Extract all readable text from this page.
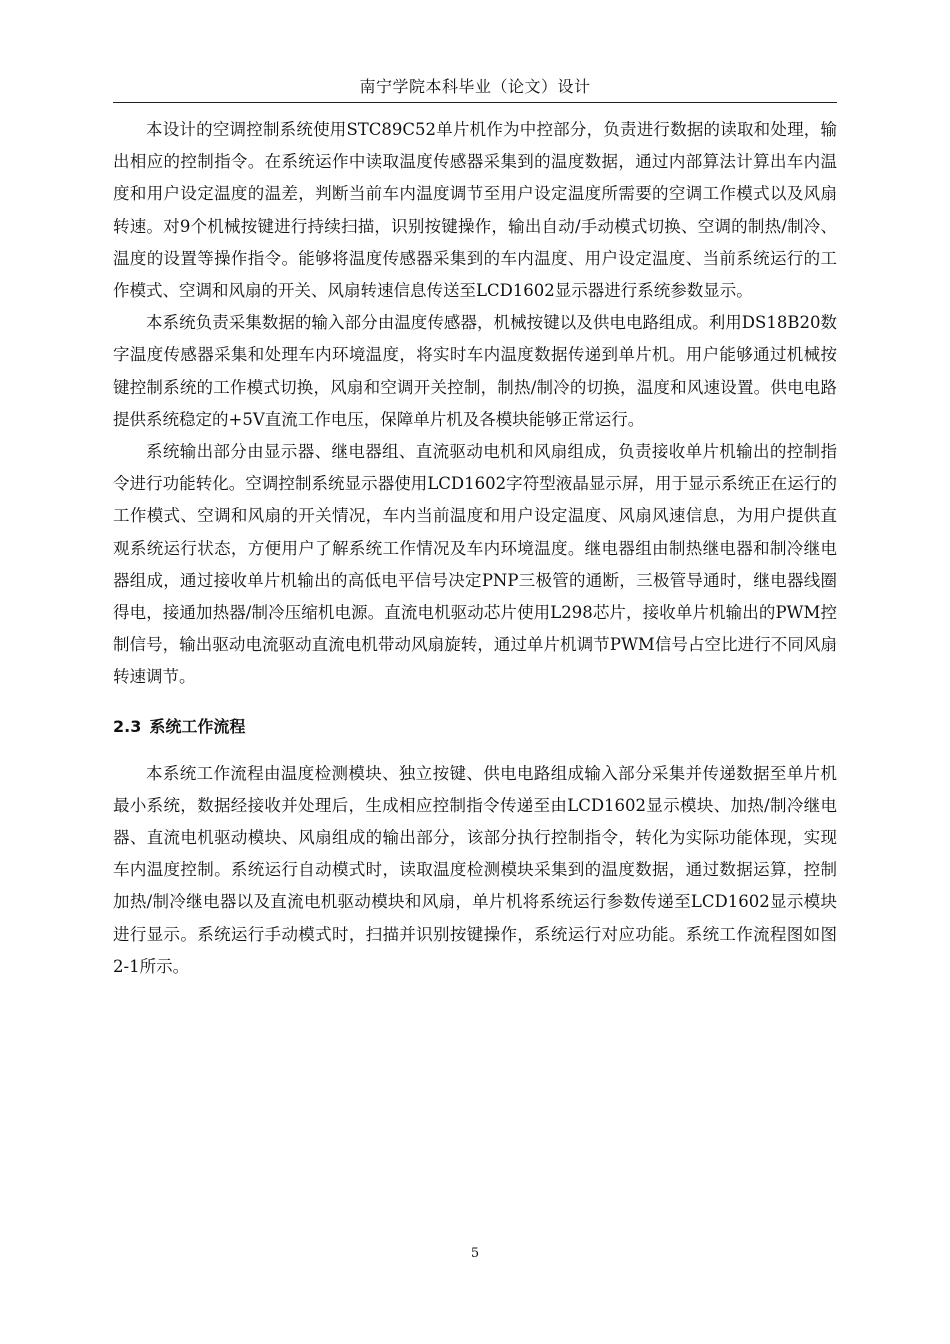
南宁学院本科毕业（论文）设计

本设计的空调控制系统使用STC89C52单片机作为中控部分，负责进行数据的读取和处理，输出相应的控制指令。在系统运作中读取温度传感器采集到的温度数据，通过内部算法计算出车内温度和用户设定温度的温差，判断当前车内温度调节至用户设定温度所需要的空调工作模式以及风扇转速。对9个机械按键进行持续扫描，识别按键操作，输出自动/手动模式切换、空调的制热/制冷、温度的设置等操作指令。能够将温度传感器采集到的车内温度、用户设定温度、当前系统运行的工作模式、空调和风扇的开关、风扇转速信息传送至LCD1602显示器进行系统参数显示。

本系统负责采集数据的输入部分由温度传感器，机械按键以及供电电路组成。利用DS18B20数字温度传感器采集和处理车内环境温度，将实时车内温度数据传递到单片机。用户能够通过机械按键控制系统的工作模式切换，风扇和空调开关控制，制热/制冷的切换，温度和风速设置。供电电路提供系统稳定的+5V直流工作电压，保障单片机及各模块能够正常运行。

系统输出部分由显示器、继电器组、直流驱动电机和风扇组成，负责接收单片机输出的控制指令进行功能转化。空调控制系统显示器使用LCD1602字符型液晶显示屏，用于显示系统正在运行的工作模式、空调和风扇的开关情况，车内当前温度和用户设定温度、风扇风速信息，为用户提供直观系统运行状态，方便用户了解系统工作情况及车内环境温度。继电器组由制热继电器和制冷继电器组成，通过接收单片机输出的高低电平信号决定PNP三极管的通断，三极管导通时，继电器线圈得电，接通加热器/制冷压缩机电源。直流电机驱动芯片使用L298芯片，接收单片机输出的PWM控制信号，输出驱动电流驱动直流电机带动风扇旋转，通过单片机调节PWM信号占空比进行不同风扇转速调节。

2.3 系统工作流程

本系统工作流程由温度检测模块、独立按键、供电电路组成输入部分采集并传递数据至单片机最小系统，数据经接收并处理后，生成相应控制指令传递至由LCD1602显示模块、加热/制冷继电器、直流电机驱动模块、风扇组成的输出部分，该部分执行控制指令，转化为实际功能体现，实现车内温度控制。系统运行自动模式时，读取温度检测模块采集到的温度数据，通过数据运算，控制加热/制冷继电器以及直流电机驱动模块和风扇，单片机将系统运行参数传递至LCD1602显示模块进行显示。系统运行手动模式时，扫描并识别按键操作，系统运行对应功能。系统工作流程图如图2-1所示。

5
